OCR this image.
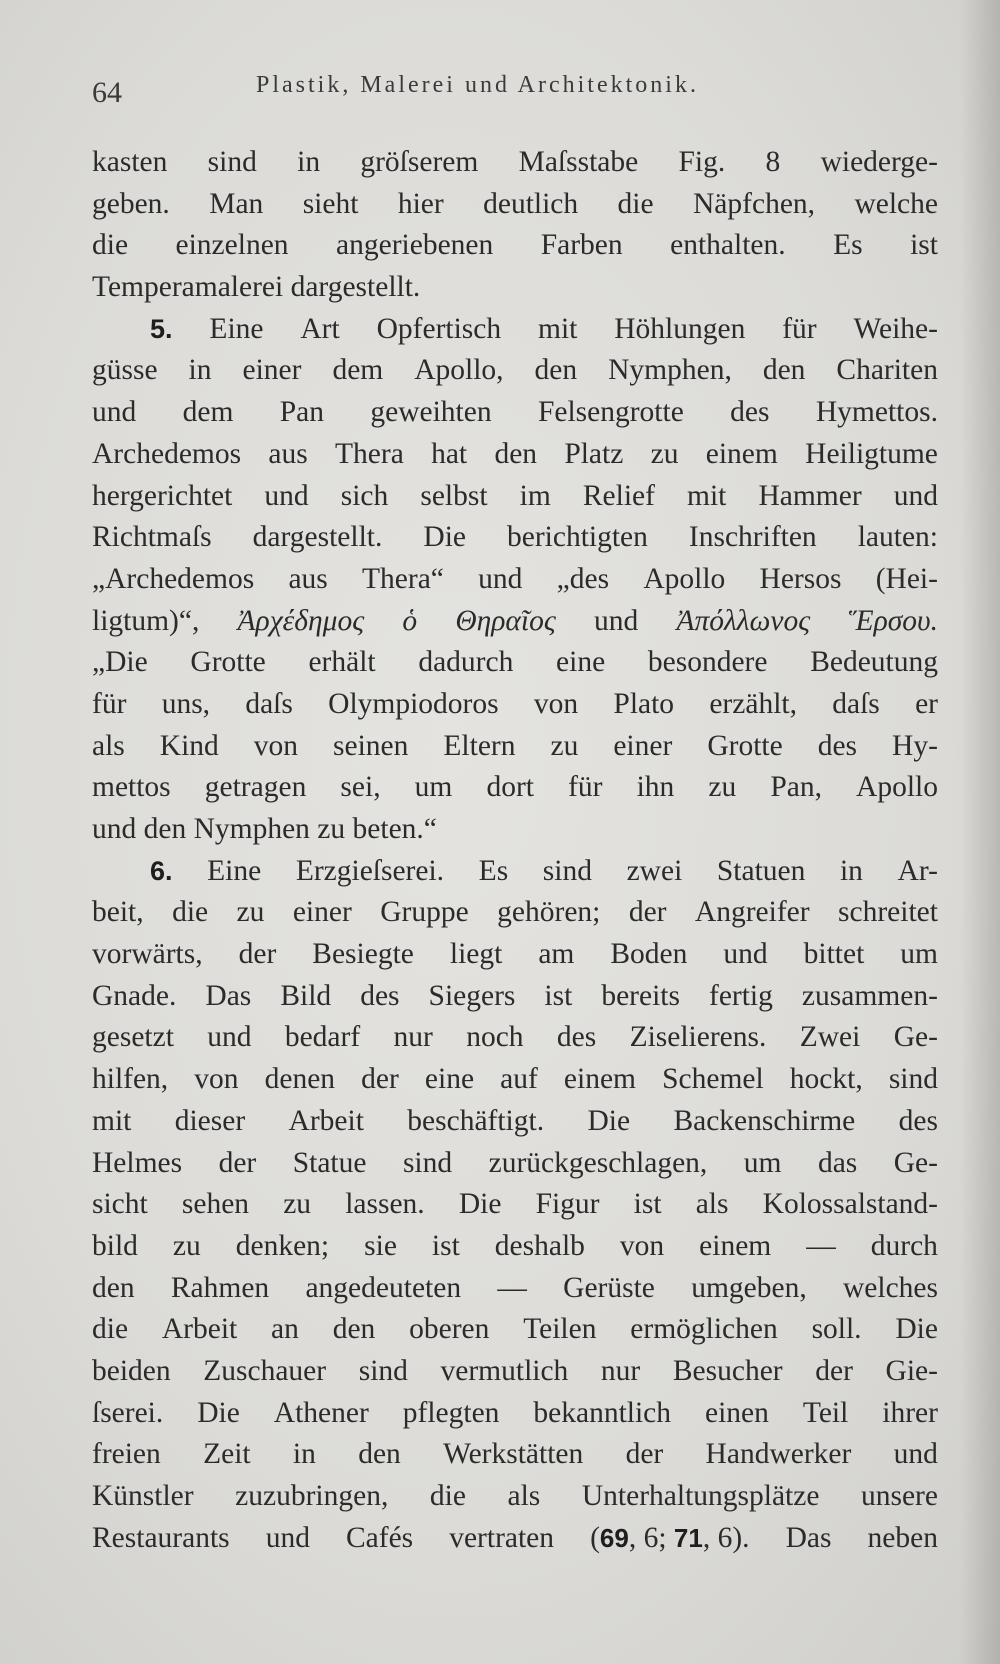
64	Plastik, Malerei und Architektonik.
kasten sind in gröſserem Maſsstabe Fig. 8 wiederge-
geben. Man sieht hier deutlich die Näpfchen, welche
die einzelnen angeriebenen Farben enthalten. Es ist
Temperamalerei dargestellt.
5. Eine Art Opfertisch mit Höhlungen für Weihe-
güsse in einer dem Apollo, den Nymphen, den Chariten
und dem Pan geweihten Felsengrotte des Hymettos.
Archedemos aus Thera hat den Platz zu einem Heiligtume
hergerichtet und sich selbst im Relief mit Hammer und
Richtmaſs dargestellt. Die berichtigten Inschriften lauten:
„Archedemos aus Thera“ und „des Apollo Hersos (Hei-
ligtum)“, Ἀρχέδημος ὁ Θηραῖος und Ἀπόλλωνος Ἕρσου.
„Die Grotte erhält dadurch eine besondere Bedeutung
für uns, daſs Olympiodoros von Plato erzählt, daſs er
als Kind von seinen Eltern zu einer Grotte des Hy-
mettos getragen sei, um dort für ihn zu Pan, Apollo
und den Nymphen zu beten.“
6. Eine Erzgieſserei. Es sind zwei Statuen in Ar-
beit, die zu einer Gruppe gehören; der Angreifer schreitet
vorwärts, der Besiegte liegt am Boden und bittet um
Gnade. Das Bild des Siegers ist bereits fertig zusammen-
gesetzt und bedarf nur noch des Ziselierens. Zwei Ge-
hilfen, von denen der eine auf einem Schemel hockt, sind
mit dieser Arbeit beschäftigt. Die Backenschirme des
Helmes der Statue sind zurückgeschlagen, um das Ge-
sicht sehen zu lassen. Die Figur ist als Kolossalstand-
bild zu denken; sie ist deshalb von einem — durch
den Rahmen angedeuteten — Gerüste umgeben, welches
die Arbeit an den oberen Teilen ermöglichen soll. Die
beiden Zuschauer sind vermutlich nur Besucher der Gie-
ſserei. Die Athener pflegten bekanntlich einen Teil ihrer
freien Zeit in den Werkstätten der Handwerker und
Künstler zuzubringen, die als Unterhaltungsplätze unsere
Restaurants und Cafés vertraten (69, 6; 71, 6). Das neben
